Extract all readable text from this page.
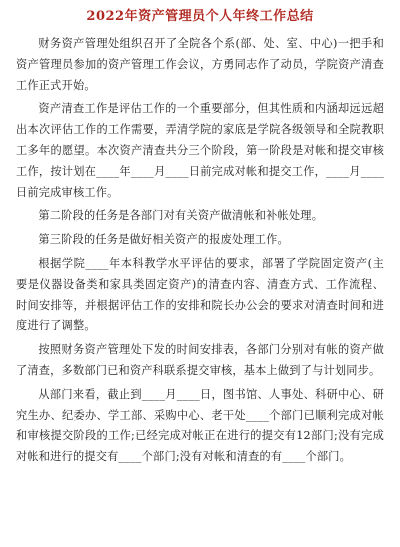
2022年资产管理员个人年终工作总结

财务资产管理处组织召开了全院各个系(部、处、室、中心)一把手和资产管理员参加的资产管理工作会议，方勇同志作了动员，学院资产清查工作正式开始。

资产清查工作是评估工作的一个重要部分，但其性质和内涵却远远超出本次评估工作的工作需要，弄清学院的家底是学院各级领导和全院教职工多年的愿望。本次资产清查共分三个阶段，第一阶段是对帐和提交审核工作，按计划在____年____月____日前完成对帐和提交工作，____月____日前完成审核工作。

第二阶段的任务是各部门对有关资产做清帐和补帐处理。

第三阶段的任务是做好相关资产的报废处理工作。

根据学院____年本科教学水平评估的要求，部署了学院固定资产(主要是仪器设备类和家具类固定资产)的清查内容、清查方式、工作流程、时间安排等，并根据评估工作的安排和院长办公会的要求对清查时间和进度进行了调整。

按照财务资产管理处下发的时间安排表，各部门分别对有帐的资产做了清查，多数部门已和资产科联系提交审核，基本上做到了与计划同步。

从部门来看，截止到____月____日，图书馆、人事处、科研中心、研究生办、纪委办、学工部、采购中心、老干处____个部门已顺利完成对帐和审核提交阶段的工作;已经完成对帐正在进行的提交有12部门;没有完成对帐和进行的提交有____个部门;没有对帐和清查的有____个部门。
